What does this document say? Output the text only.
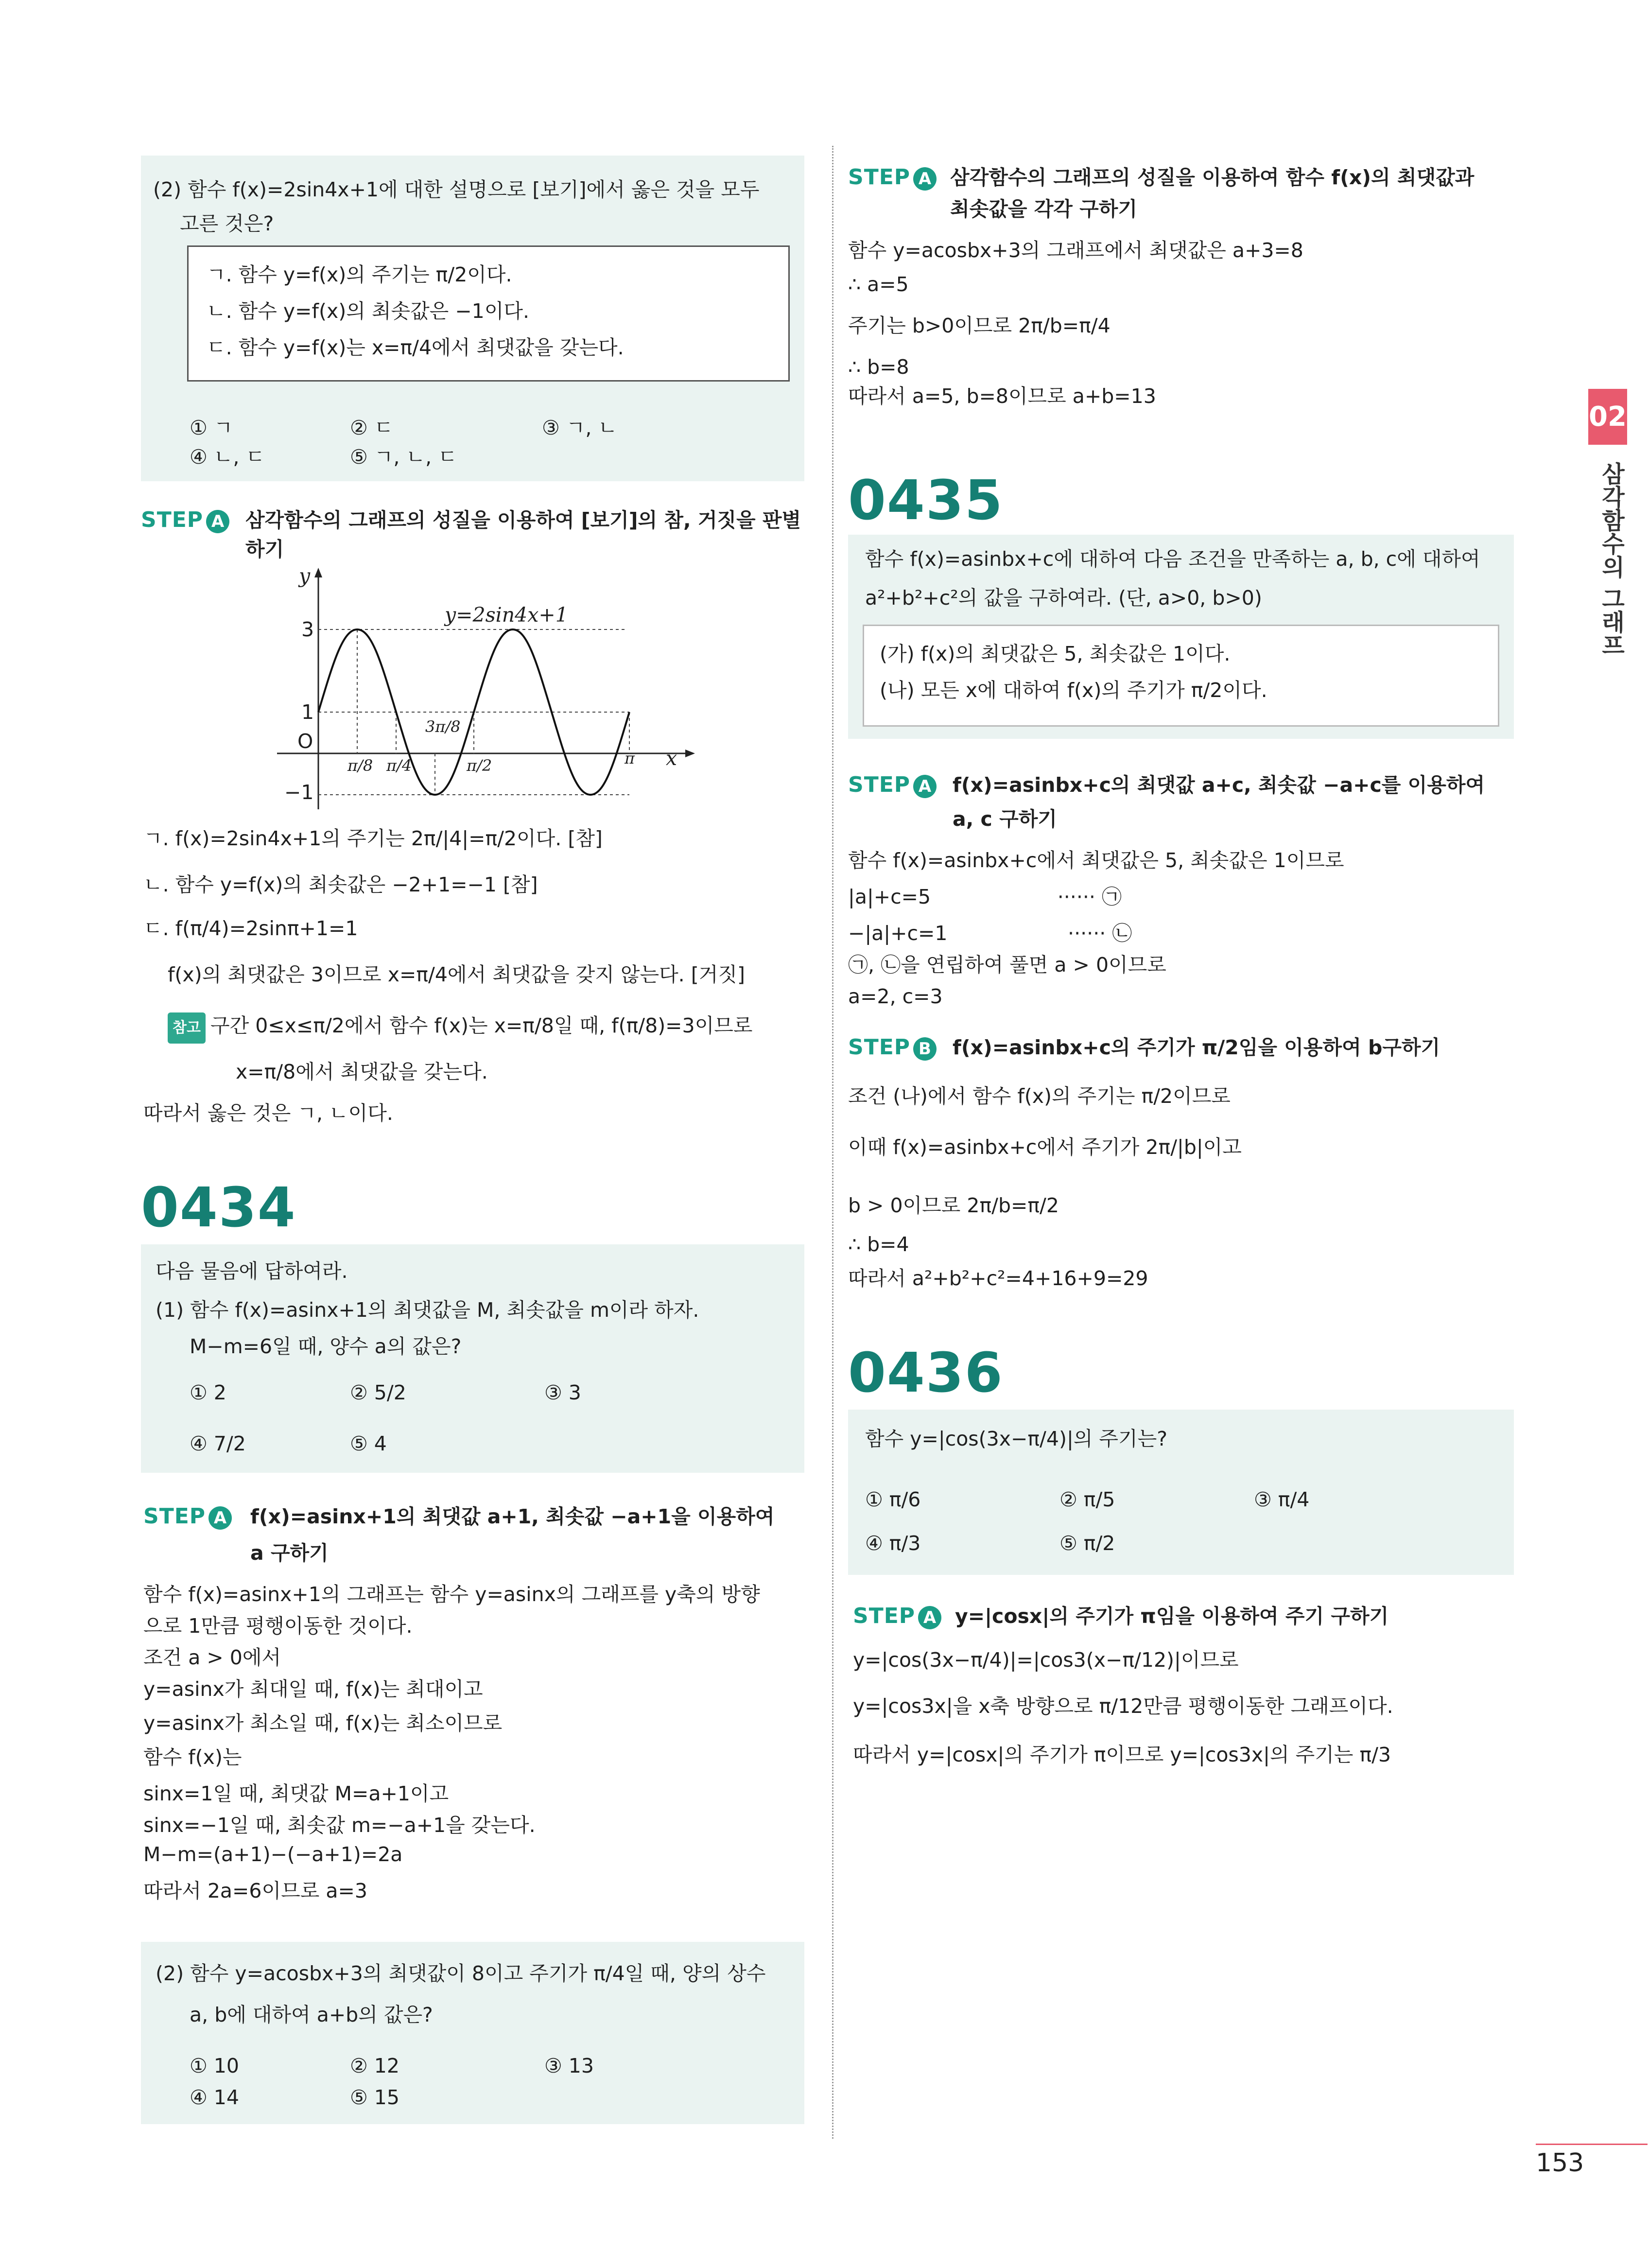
(2) 함수 f(x)=2sin4x+1에 대한 설명으로 [보기]에서 옳은 것을 모두
고른 것은?
ㄱ. 함수 y=f(x)의 주기는 π/2이다.
ㄴ. 함수 y=f(x)의 최솟값은 −1이다.
ㄷ. 함수 y=f(x)는 x=π/4에서 최댓값을 갖는다.
① ㄱ	② ㄷ	③ ㄱ, ㄴ
④ ㄴ, ㄷ	⑤ ㄱ, ㄴ, ㄷ
STEP A 삼각함수의 그래프의 성질을 이용하여 [보기]의 참, 거짓을 판별
하기
y
x
y=2sin4x+1
3
1
O
−1
π/8 π/4
3π/8
π/2	π
ㄱ. f(x)=2sin4x+1의 주기는 2π/|4|=π/2이다. [참]
ㄴ. 함수 y=f(x)의 최솟값은 −2+1=−1 [참]
ㄷ. f(π/4)=2sinπ+1=1
f(x)의 최댓값은 3이므로 x=π/4에서 최댓값을 갖지 않는다. [거짓]
참고 구간 0≤x≤π/2에서 함수 f(x)는 x=π/8일 때, f(π/8)=3이므로
x=π/8에서 최댓값을 갖는다.
따라서 옳은 것은 ㄱ, ㄴ이다.
0434
다음 물음에 답하여라.
(1) 함수 f(x)=asinx+1의 최댓값을 M, 최솟값을 m이라 하자.
M−m=6일 때, 양수 a의 값은?
① 2	② 5/2	③ 3
④ 7/2	⑤ 4
STEP A f(x)=asinx+1의 최댓값 a+1, 최솟값 −a+1을 이용하여
a 구하기
함수 f(x)=asinx+1의 그래프는 함수 y=asinx의 그래프를 y축의 방향
으로 1만큼 평행이동한 것이다.
조건 a > 0에서
y=asinx가 최대일 때, f(x)는 최대이고
y=asinx가 최소일 때, f(x)는 최소이므로
함수 f(x)는
sinx=1일 때, 최댓값 M=a+1이고
sinx=−1일 때, 최솟값 m=−a+1을 갖는다.
M−m=(a+1)−(−a+1)=2a
따라서 2a=6이므로 a=3
(2) 함수 y=acosbx+3의 최댓값이 8이고 주기가 π/4일 때, 양의 상수
a, b에 대하여 a+b의 값은?
① 10	② 12	③ 13
④ 14	⑤ 15
STEP A 삼각함수의 그래프의 성질을 이용하여 함수 f(x)의 최댓값과
최솟값을 각각 구하기
함수 y=acosbx+3의 그래프에서 최댓값은 a+3=8
∴ a=5
주기는 b>0이므로 2π/b=π/4
∴ b=8
따라서 a=5, b=8이므로 a+b=13
0435
함수 f(x)=asinbx+c에 대하여 다음 조건을 만족하는 a, b, c에 대하여
a²+b²+c²의 값을 구하여라. (단, a>0, b>0)
(가) f(x)의 최댓값은 5, 최솟값은 1이다.
(나) 모든 x에 대하여 f(x)의 주기가 π/2이다.
STEP A f(x)=asinbx+c의 최댓값 a+c, 최솟값 −a+c를 이용하여
a, c 구하기
함수 f(x)=asinbx+c에서 최댓값은 5, 최솟값은 1이므로
|a|+c=5                    ······ ㉠
−|a|+c=1                   ······ ㉡
㉠, ㉡을 연립하여 풀면 a > 0이므로
a=2, c=3
STEP B f(x)=asinbx+c의 주기가 π/2임을 이용하여 b구하기
조건 (나)에서 함수 f(x)의 주기는 π/2이므로
이때 f(x)=asinbx+c에서 주기가 2π/|b|이고
b > 0이므로 2π/b=π/2
∴ b=4
따라서 a²+b²+c²=4+16+9=29
0436
함수 y=|cos(3x−π/4)|의 주기는?
① π/6	② π/5	③ π/4
④ π/3	⑤ π/2
STEP A y=|cosx|의 주기가 π임을 이용하여 주기 구하기
y=|cos(3x−π/4)|=|cos3(x−π/12)|이므로
y=|cos3x|을 x축 방향으로 π/12만큼 평행이동한 그래프이다.
따라서 y=|cosx|의 주기가 π이므로 y=|cos3x|의 주기는 π/3
02
삼각함수의 그래프
153
